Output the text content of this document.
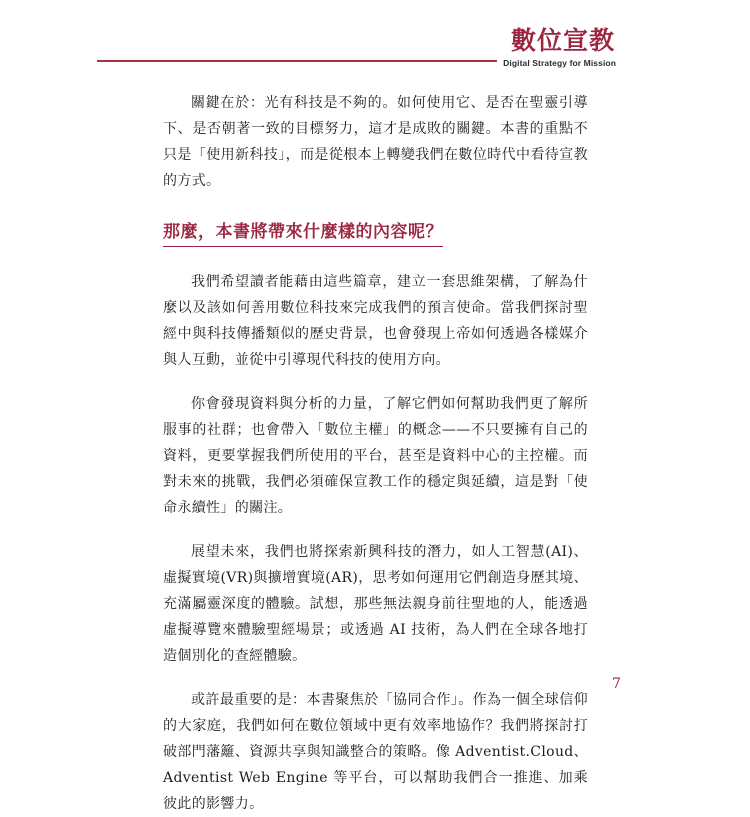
數位宣教
Digital Strategy for Mission

關鍵在於：光有科技是不夠的。如何使用它、是否在聖靈引導下、是否朝著一致的目標努力，這才是成敗的關鍵。本書的重點不只是「使用新科技」，而是從根本上轉變我們在數位時代中看待宣教的方式。

那麼，本書將帶來什麼樣的內容呢？

我們希望讀者能藉由這些篇章，建立一套思維架構，了解為什麼以及該如何善用數位科技來完成我們的預言使命。當我們探討聖經中與科技傳播類似的歷史背景，也會發現上帝如何透過各樣媒介與人互動，並從中引導現代科技的使用方向。

你會發現資料與分析的力量，了解它們如何幫助我們更了解所服事的社群；也會帶入「數位主權」的概念——不只要擁有自己的資料，更要掌握我們所使用的平台，甚至是資料中心的主控權。而對未來的挑戰，我們必須確保宣教工作的穩定與延續，這是對「使命永續性」的關注。

展望未來，我們也將探索新興科技的潛力，如人工智慧(AI)、虛擬實境(VR)與擴增實境(AR)，思考如何運用它們創造身歷其境、充滿屬靈深度的體驗。試想，那些無法親身前往聖地的人，能透過虛擬導覽來體驗聖經場景；或透過 AI 技術，為人們在全球各地打造個別化的查經體驗。

或許最重要的是：本書聚焦於「協同合作」。作為一個全球信仰的大家庭，我們如何在數位領域中更有效率地協作？我們將探討打破部門藩籬、資源共享與知識整合的策略。像 Adventist.Cloud、Adventist Web Engine 等平台，可以幫助我們合一推進、加乘彼此的影響力。

7
